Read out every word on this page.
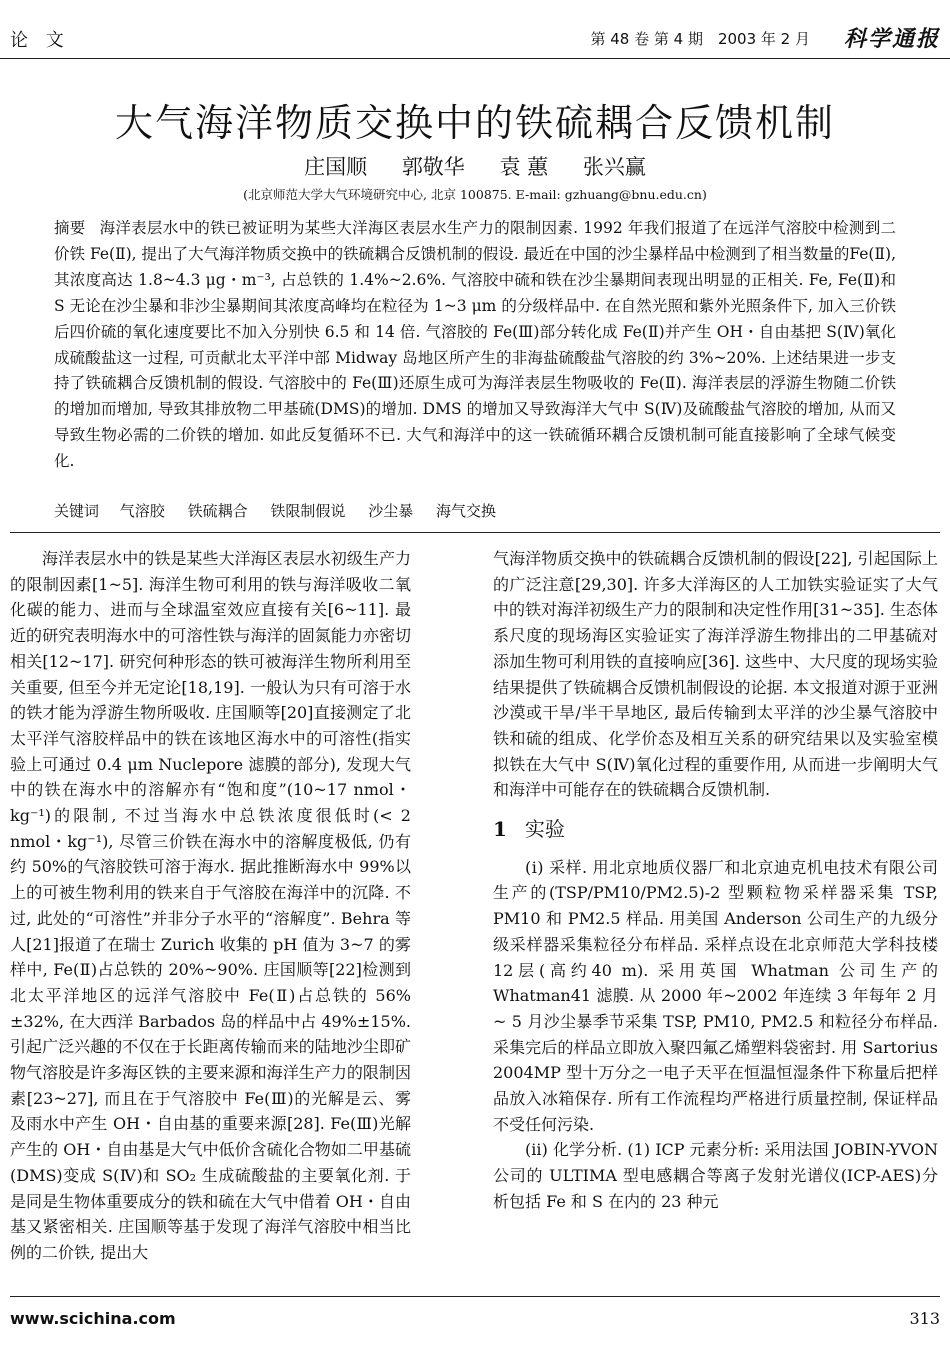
论 文	第 48 卷 第 4 期　2003 年 2 月 科学通报
大气海洋物质交换中的铁硫耦合反馈机制
庄国顺 郭敬华 袁 蕙 张兴赢
(北京师范大学大气环境研究中心, 北京 100875. E-mail: gzhuang@bnu.edu.cn)
摘要 海洋表层水中的铁已被证明为某些大洋海区表层水生产力的限制因素. 1992 年我们报道了在远洋气溶胶中检测到二价铁 Fe(Ⅱ), 提出了大气海洋物质交换中的铁硫耦合反馈机制的假设. 最近在中国的沙尘暴样品中检测到了相当数量的Fe(Ⅱ), 其浓度高达 1.8~4.3 μg・m⁻³, 占总铁的 1.4%~2.6%. 气溶胶中硫和铁在沙尘暴期间表现出明显的正相关. Fe, Fe(Ⅱ)和 S 无论在沙尘暴和非沙尘暴期间其浓度高峰均在粒径为 1~3 μm 的分级样品中. 在自然光照和紫外光照条件下, 加入三价铁后四价硫的氧化速度要比不加入分别快 6.5 和 14 倍. 气溶胶的 Fe(Ⅲ)部分转化成 Fe(Ⅱ)并产生 OH・自由基把 S(Ⅳ)氧化成硫酸盐这一过程, 可贡献北太平洋中部 Midway 岛地区所产生的非海盐硫酸盐气溶胶的约 3%~20%. 上述结果进一步支持了铁硫耦合反馈机制的假设. 气溶胶中的 Fe(Ⅲ)还原生成可为海洋表层生物吸收的 Fe(Ⅱ). 海洋表层的浮游生物随二价铁的增加而增加, 导致其排放物二甲基硫(DMS)的增加. DMS 的增加又导致海洋大气中 S(Ⅳ)及硫酸盐气溶胶的增加, 从而又导致生物必需的二价铁的增加. 如此反复循环不已. 大气和海洋中的这一铁硫循环耦合反馈机制可能直接影响了全球气候变化.
关键词 气溶胶 铁硫耦合 铁限制假说 沙尘暴 海气交换

海洋表层水中的铁是某些大洋海区表层水初级生产力的限制因素[1~5]. 海洋生物可利用的铁与海洋吸收二氧化碳的能力、进而与全球温室效应直接有关[6~11]. 最近的研究表明海水中的可溶性铁与海洋的固氮能力亦密切相关[12~17]. 研究何种形态的铁可被海洋生物所利用至关重要, 但至今并无定论[18,19]. 一般认为只有可溶于水的铁才能为浮游生物所吸收. 庄国顺等[20]直接测定了北太平洋气溶胶样品中的铁在该地区海水中的可溶性(指实验上可通过 0.4 μm Nuclepore 滤膜的部分), 发现大气中的铁在海水中的溶解亦有“饱和度”(10~17 nmol・kg⁻¹)的限制, 不过当海水中总铁浓度很低时(< 2 nmol・kg⁻¹), 尽管三价铁在海水中的溶解度极低, 仍有约 50%的气溶胶铁可溶于海水. 据此推断海水中 99%以上的可被生物利用的铁来自于气溶胶在海洋中的沉降. 不过, 此处的“可溶性”并非分子水平的“溶解度”. Behra 等人[21]报道了在瑞士 Zurich 收集的 pH 值为 3~7 的雾样中, Fe(Ⅱ)占总铁的 20%~90%. 庄国顺等[22]检测到北太平洋地区的远洋气溶胶中 Fe(Ⅱ)占总铁的 56%±32%, 在大西洋 Barbados 岛的样品中占 49%±15%. 引起广泛兴趣的不仅在于长距离传输而来的陆地沙尘即矿物气溶胶是许多海区铁的主要来源和海洋生产力的限制因素[23~27], 而且在于气溶胶中 Fe(Ⅲ)的光解是云、雾及雨水中产生 OH・自由基的重要来源[28]. Fe(Ⅲ)光解产生的 OH・自由基是大气中低价含硫化合物如二甲基硫(DMS)变成 S(Ⅳ)和 SO₂ 生成硫酸盐的主要氧化剂. 于是同是生物体重要成分的铁和硫在大气中借着 OH・自由基又紧密相关. 庄国顺等基于发现了海洋气溶胶中相当比例的二价铁, 提出大

气海洋物质交换中的铁硫耦合反馈机制的假设[22], 引起国际上的广泛注意[29,30]. 许多大洋海区的人工加铁实验证实了大气中的铁对海洋初级生产力的限制和决定性作用[31~35]. 生态体系尺度的现场海区实验证实了海洋浮游生物排出的二甲基硫对添加生物可利用铁的直接响应[36]. 这些中、大尺度的现场实验结果提供了铁硫耦合反馈机制假设的论据. 本文报道对源于亚洲沙漠或干旱/半干旱地区, 最后传输到太平洋的沙尘暴气溶胶中铁和硫的组成、化学价态及相互关系的研究结果以及实验室模拟铁在大气中 S(Ⅳ)氧化过程的重要作用, 从而进一步阐明大气和海洋中可能存在的铁硫耦合反馈机制.

1 实验

(ⅰ) 采样. 用北京地质仪器厂和北京迪克机电技术有限公司生产的(TSP/PM10/PM2.5)-2 型颗粒物采样器采集 TSP, PM10 和 PM2.5 样品. 用美国 Anderson 公司生产的九级分级采样器采集粒径分布样品. 采样点设在北京师范大学科技楼12层(高约40 m). 采用英国 Whatman 公司生产的 Whatman41 滤膜. 从 2000 年~2002 年连续 3 年每年 2 月 ~ 5 月沙尘暴季节采集 TSP, PM10, PM2.5 和粒径分布样品. 采集完后的样品立即放入聚四氟乙烯塑料袋密封. 用 Sartorius 2004MP 型十万分之一电子天平在恒温恒湿条件下称量后把样品放入冰箱保存. 所有工作流程均严格进行质量控制, 保证样品不受任何污染.

(ⅱ) 化学分析. (1) ICP 元素分析: 采用法国 JOBIN-YVON 公司的 ULTIMA 型电感耦合等离子发射光谱仪(ICP-AES)分析包括 Fe 和 S 在内的 23 种元

www.scichina.com	313
